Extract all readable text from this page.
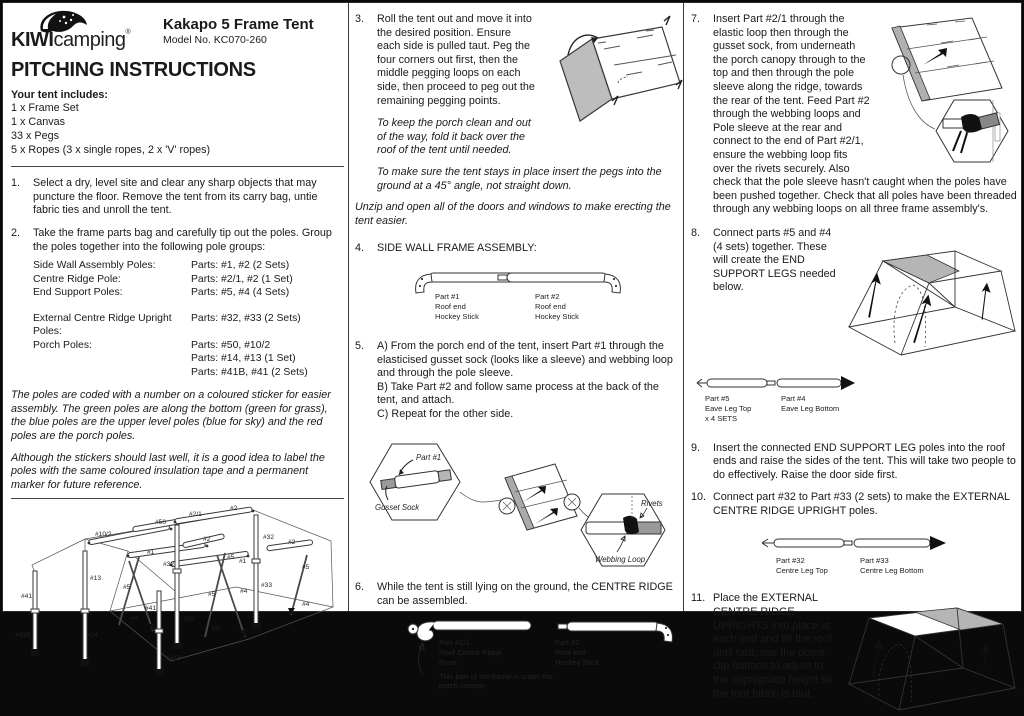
KIWIcamping® Kakapo 5 Frame Tent
Model No. KC070-260
PITCHING INSTRUCTIONS
Your tent includes:
1 x Frame Set
1 x Canvas
33 x Pegs
5 x Ropes (3 x single ropes, 2 x 'V' ropes)
1. Select a dry, level site and clear any sharp objects that may puncture the floor. Remove the tent from its carry bag, untie fabric ties and unroll the tent.
2. Take the frame parts bag and carefully tip out the poles. Group the poles together into the following pole groups:
Side Wall Assembly Poles:	Parts: #1, #2 (2 Sets)
Centre Ridge Pole:	Parts: #2/1, #2 (1 Set)
End Support Poles:	Parts: #5, #4 (4 Sets)
External Centre Ridge Upright Poles:
Parts: #32, #33 (2 Sets)
Porch Poles:	Parts: #50, #10/2
Parts: #14, #13 (1 Set)
Parts: #41B, #41 (2 Sets)
The poles are coded with a number on a coloured sticker for easier assembly. The green poles are along the bottom (green for grass), the blue poles are the upper level poles (blue for sky) and the red poles are the porch poles.
Although the stickers should last well, it is a good idea to label the poles with the same coloured insulation tape and a permanent marker for future reference.
#10/2
#50
#2/1
#2
#32
#2
#1
#2
#5
#1
#32	#5
#13
#33
#41
#5
#4
#5
#41
#4
#33
#4
#41B	#14
#4
#41B
3. Roll the tent out and move it into the desired position. Ensure each side is pulled taut. Peg the four corners out first, then the middle pegging loops on each side, then proceed to peg out the remaining pegging points.
To keep the porch clean and out of the way, fold it back over the roof of the tent until needed.
To make sure the tent stays in place insert the pegs into the ground at a 45° angle, not straight down.
Unzip and open all of the doors and windows to make erecting the tent easier.
4. SIDE WALL FRAME ASSEMBLY:
Part #1
Roof end
Hockey Stick
Part #2
Roof end
Hockey Stick
5. A) From the porch end of the tent, insert Part #1 through the elasticised gusset sock (looks like a sleeve) and webbing loop and through the pole sleeve.
B) Take Part #2 and follow same process at the back of the tent, and attach.
C) Repeat for the other side.
Part #1
Gusset Sock	Rivets
Webbing Loop
6. While the tent is still lying on the ground, the CENTRE RIDGE can be assembled.
Part #2/1
Roof Centre Ridge
Front
Part #2
Roof end
Hockey Stick
This part of the frame is under the
porch canopy
7. Insert Part #2/1 through the elastic loop then through the gusset sock, from underneath the porch canopy through to the top and then through the pole sleeve along the ridge, towards the rear of the tent. Feed Part #2 through the webbing loops and Pole sleeve at the rear and connect to the end of Part #2/1, ensure the webbing loop fits over the rivets securely. Also check that the pole sleeve hasn't caught when the poles have been pushed together. Check that all poles have been threaded through any webbing loops on all three frame assembly's.
8. Connect parts #5 and #4 (4 sets) together. These will create the END SUPPORT LEGS needed below.
Part #5
Eave Leg Top
x 4 SETS
Part #4
Eave Leg Bottom
9. Insert the connected END SUPPORT LEG poles into the roof ends and raise the sides of the tent. This will take two people to do effectively. Raise the door side first.
10. Connect part #32 to Part #33 (2 sets) to make the EXTERNAL CENTRE RIDGE UPRIGHT poles.
Part #32
Centre Leg Top
Part #33
Centre Leg Bottom
11. Place the EXTERNAL CENTRE RIDGE UPRIGHTS into place at each end and lift the roof until taut, use the dome clip buttons to adjust to the appropriate height so the tent fabric is taut.
